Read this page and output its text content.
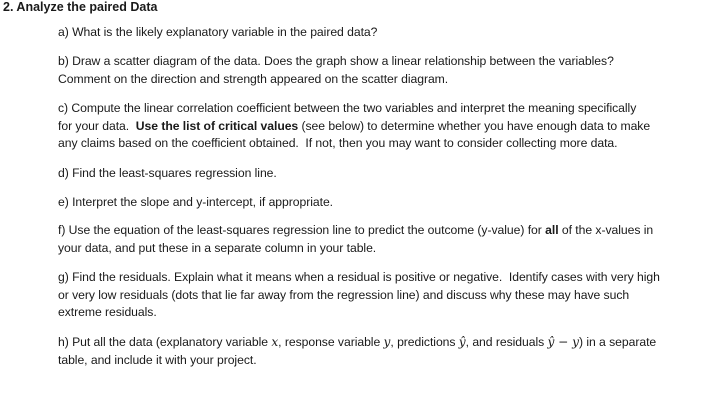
2. Analyze the paired Data
a) What is the likely explanatory variable in the paired data?
b) Draw a scatter diagram of the data. Does the graph show a linear relationship between the variables?
Comment on the direction and strength appeared on the scatter diagram.
c) Compute the linear correlation coefficient between the two variables and interpret the meaning specifically
for your data.  Use the list of critical values (see below) to determine whether you have enough data to make
any claims based on the coefficient obtained.  If not, then you may want to consider collecting more data.
d) Find the least-squares regression line.
e) Interpret the slope and y-intercept, if appropriate.
f) Use the equation of the least-squares regression line to predict the outcome (y-value) for all of the x-values in
your data, and put these in a separate column in your table.
g) Find the residuals. Explain what it means when a residual is positive or negative.  Identify cases with very high
or very low residuals (dots that lie far away from the regression line) and discuss why these may have such
extreme residuals.
h) Put all the data (explanatory variable x, response variable y, predictions ŷ, and residuals ŷ − y) in a separate
table, and include it with your project.
